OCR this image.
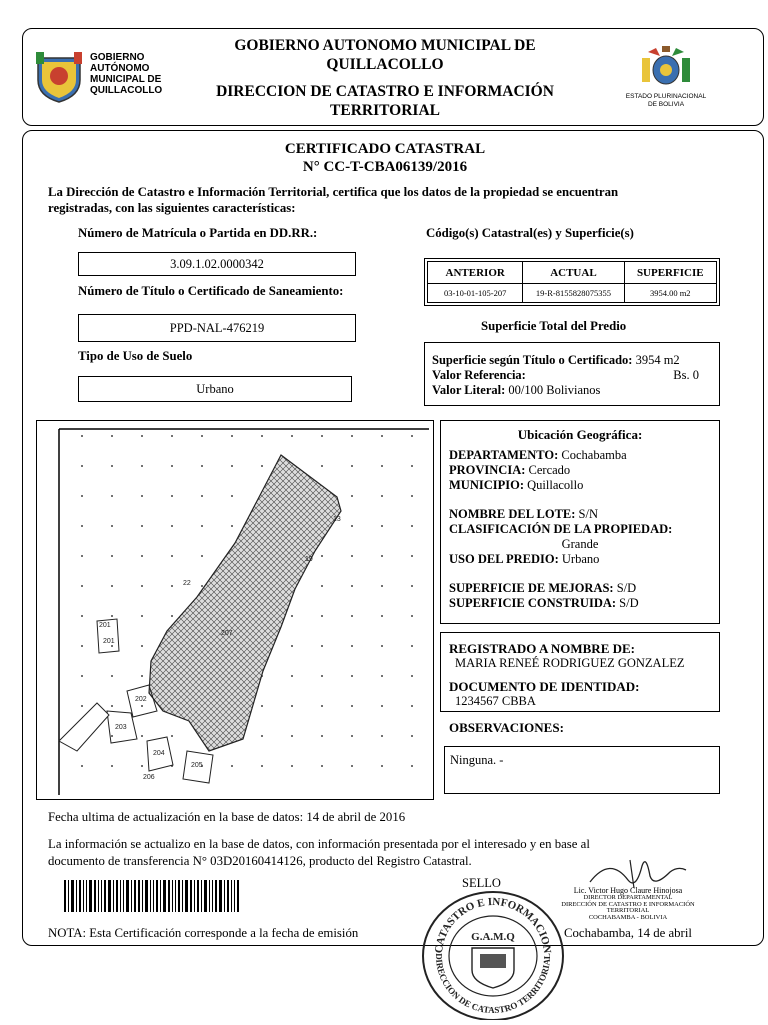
GOBIERNO
AUTÓNOMO
MUNICIPAL DE
QUILLACOLLO
GOBIERNO AUTONOMO MUNICIPAL DE
QUILLACOLLO
DIRECCION DE CATASTRO E INFORMACIÓN
TERRITORIAL
ESTADO PLURINACIONAL
DE BOLIVIA
CERTIFICADO CATASTRAL
N° CC-T-CBA06139/2016
La Dirección de Catastro e Información Territorial, certifica que los datos de la propiedad se encuentran
registradas, con las siguientes características:
Número de Matrícula o Partida en DD.RR.:
3.09.1.02.0000342
Número de Título o Certificado de Saneamiento:
PPD-NAL-476219
Tipo de Uso de Suelo
Urbano
Código(s) Catastral(es) y Superficie(s)
ANTERIOR	ACTUAL	SUPERFICIE
03-10-01-105-207	19-R-8155828075355	3954.00 m2
Superficie Total del Predio
Superficie según Título o Certificado: 3954 m2
Valor Referencia:	Bs. 0
Valor Literal: 00/100 Bolivianos
207
22
19
13
201
201
202
203
204
205
206
Ubicación Geográfica:
DEPARTAMENTO: Cochabamba
PROVINCIA: Cercado
MUNICIPIO: Quillacollo
NOMBRE DEL LOTE: S/N
CLASIFICACIÓN DE LA PROPIEDAD:
Grande
USO DEL PREDIO: Urbano
SUPERFICIE DE MEJORAS: S/D
SUPERFICIE CONSTRUIDA: S/D
REGISTRADO A NOMBRE DE:
MARIA RENEÉ RODRIGUEZ GONZALEZ
DOCUMENTO DE IDENTIDAD:
1234567 CBBA
OBSERVACIONES:
Ninguna. -
Fecha ultima de actualización en la base de datos: 14 de abril de 2016
La información se actualizo en la base de datos, con información presentada por el interesado y en base al
documento de transferencia N° 03D20160414126, producto del Registro Catastral.
SELLO
Lic. Victor Hugo Claure Hinojosa
DIRECTOR DEPARTAMENTAL
DIRECCIÓN DE CATASTRO E INFORMACIÓN
TERRITORIAL
COCHABAMBA - BOLIVIA
NOTA: Esta Certificación corresponde a la fecha de emisión	Cochabamba, 14 de abril
CATASTRO E INFORMACION
DIRECCION DE CATASTRO TERRITORIAL
G.A.M.Q
